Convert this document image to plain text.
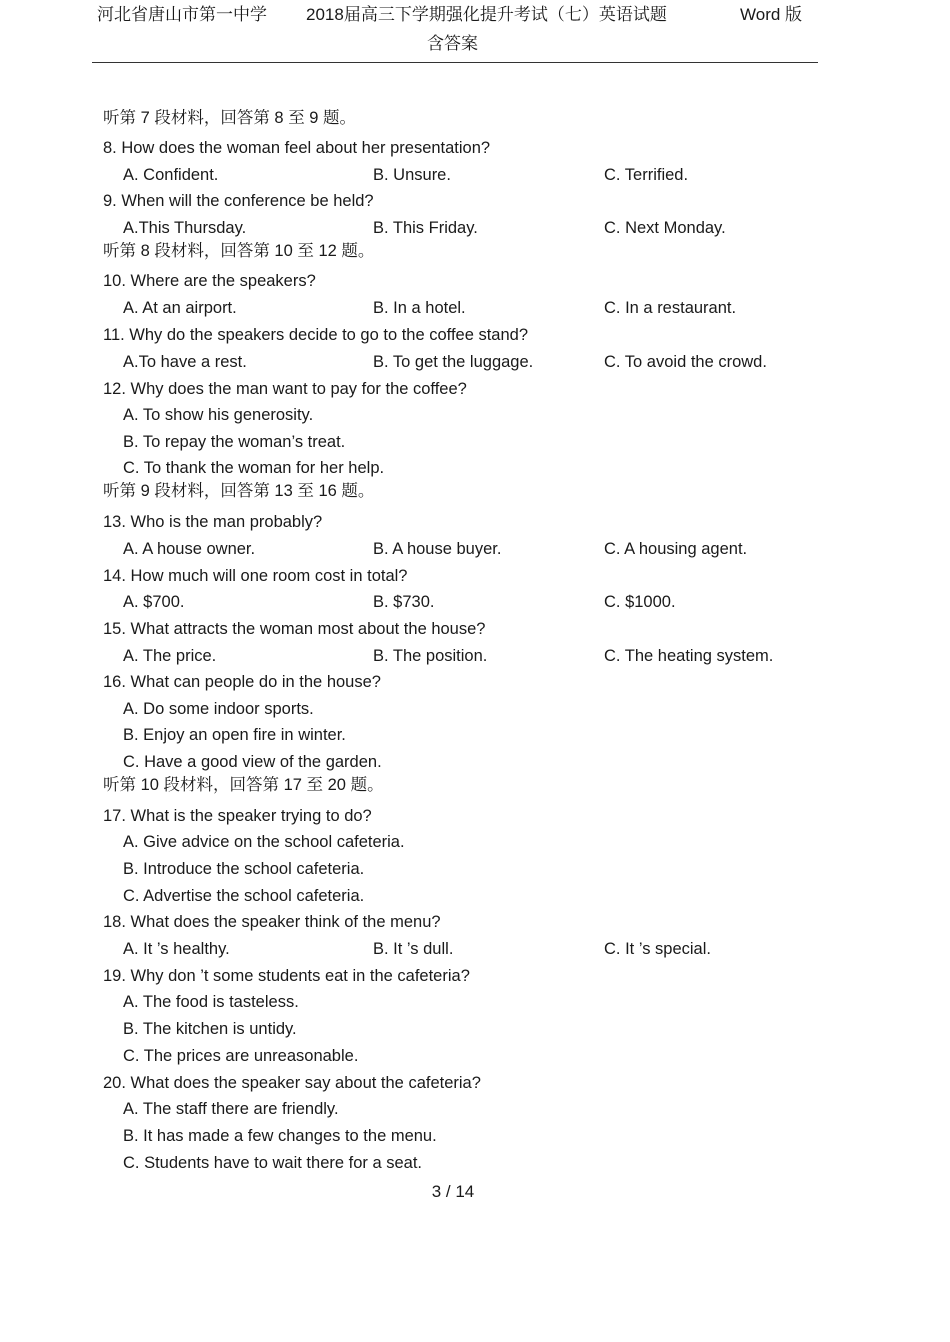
河北省唐山市第一中学 2018届高三下学期强化提升考试（七）英语试题	Word 版
含答案
听第 7 段材料，回答第 8 至 9 题。
8. How does the woman feel about her presentation?
A. Confident.	B. Unsure.	C. Terrified.
9. When will the conference be held?
A.This Thursday.	B. This Friday.	C. Next Monday.
听第 8 段材料，回答第 10 至 12 题。
10. Where are the speakers?
A. At an airport.	B. In a hotel.	C. In a restaurant.
11. Why do the speakers decide to go to the coffee stand?
A.To have a rest.	B. To get the luggage.	C. To avoid the crowd.
12. Why does the man want to pay for the coffee?
A. To show his generosity.
B. To repay the woman’s treat.
C. To thank the woman for her help.
听第 9 段材料，回答第 13 至 16 题。
13. Who is the man probably?
A. A house owner.	B. A house buyer.	C. A housing agent.
14. How much will one room cost in total?
A. $700.	B. $730.	C. $1000.
15. What attracts the woman most about the house?
A. The price.	B. The position.	C. The heating system.
16. What can people do in the house?
A. Do some indoor sports.
B. Enjoy an open fire in winter.
C. Have a good view of the garden.
听第 10 段材料，回答第 17 至 20 题。
17. What is the speaker trying to do?
A. Give advice on the school cafeteria.
B. Introduce the school cafeteria.
C. Advertise the school cafeteria.
18. What does the speaker think of the menu?
A. It ’s healthy.	B. It ’s dull.	C. It ’s special.
19. Why don ’t some students eat in the cafeteria?
A. The food is tasteless.
B. The kitchen is untidy.
C. The prices are unreasonable.
20. What does the speaker say about the cafeteria?
A. The staff there are friendly.
B. It has made a few changes to the menu.
C. Students have to wait there for a seat.
3 / 14
